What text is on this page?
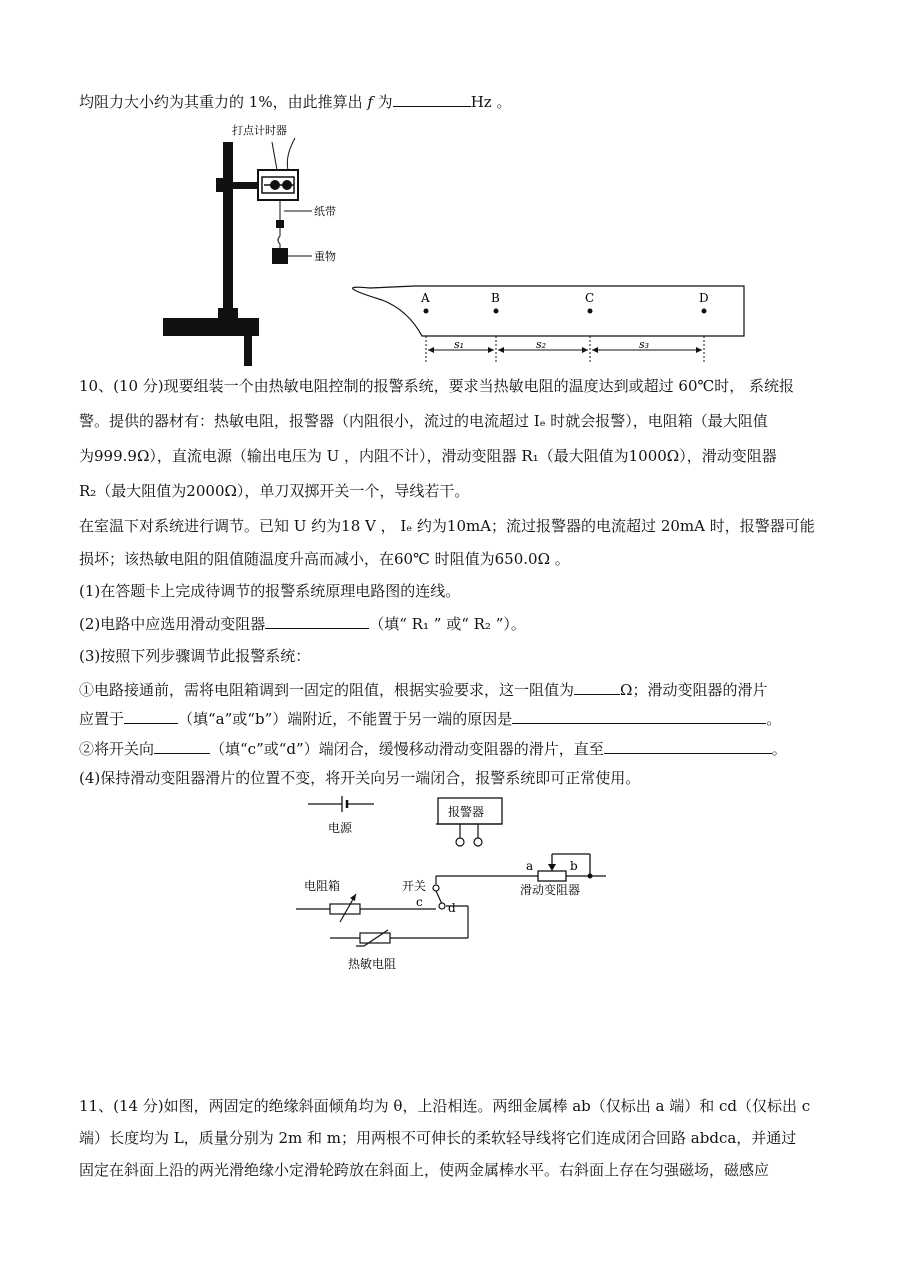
均阻力大小约为其重力的 1%，由此推算出 f 为	Hz 。
打点计时器
纸带
重物
A	B	C	D
s₁	s₂	s₃
10、(10 分)现要组装一个由热敏电阻控制的报警系统，要求当热敏电阻的温度达到或超过 60℃时， 系统报
警。提供的器材有：热敏电阻，报警器（内阻很小，流过的电流超过 Iₑ 时就会报警），电阻箱（最大阻值
为999.9Ω），直流电源（输出电压为 U ，内阻不计），滑动变阻器 R₁（最大阻值为1000Ω），滑动变阻器
R₂（最大阻值为2000Ω），单刀双掷开关一个，导线若干。
在室温下对系统进行调节。已知 U 约为18 V ， Iₑ 约为10mA；流过报警器的电流超过 20mA 时，报警器可能
损坏；该热敏电阻的阻值随温度升高而减小，在60℃ 时阻值为650.0Ω 。
(1)在答题卡上完成待调节的报警系统原理电路图的连线。
(2)电路中应选用滑动变阻器	（填“ R₁ ” 或“ R₂ ”）。
(3)按照下列步骤调节此报警系统：
①电路接通前，需将电阻箱调到一固定的阻值，根据实验要求，这一阻值为	Ω；滑动变阻器的滑片
应置于	（填“a”或“b”）端附近，不能置于另一端的原因是	。
②将开关向	（填“c”或“d”）端闭合，缓慢移动滑动变阻器的滑片，直至	。
(4)保持滑动变阻器滑片的位置不变，将开关向另一端闭合，报警系统即可正常使用。
电源
报警器
a	b
滑动变阻器
开关
c d
电阻箱
热敏电阻
11、(14 分)如图，两固定的绝缘斜面倾角均为 θ，上沿相连。两细金属棒 ab（仅标出 a 端）和 cd（仅标出 c
端）长度均为 L，质量分别为 2m 和 m；用两根不可伸长的柔软轻导线将它们连成闭合回路 abdca，并通过
固定在斜面上沿的两光滑绝缘小定滑轮跨放在斜面上，使两金属棒水平。右斜面上存在匀强磁场，磁感应
